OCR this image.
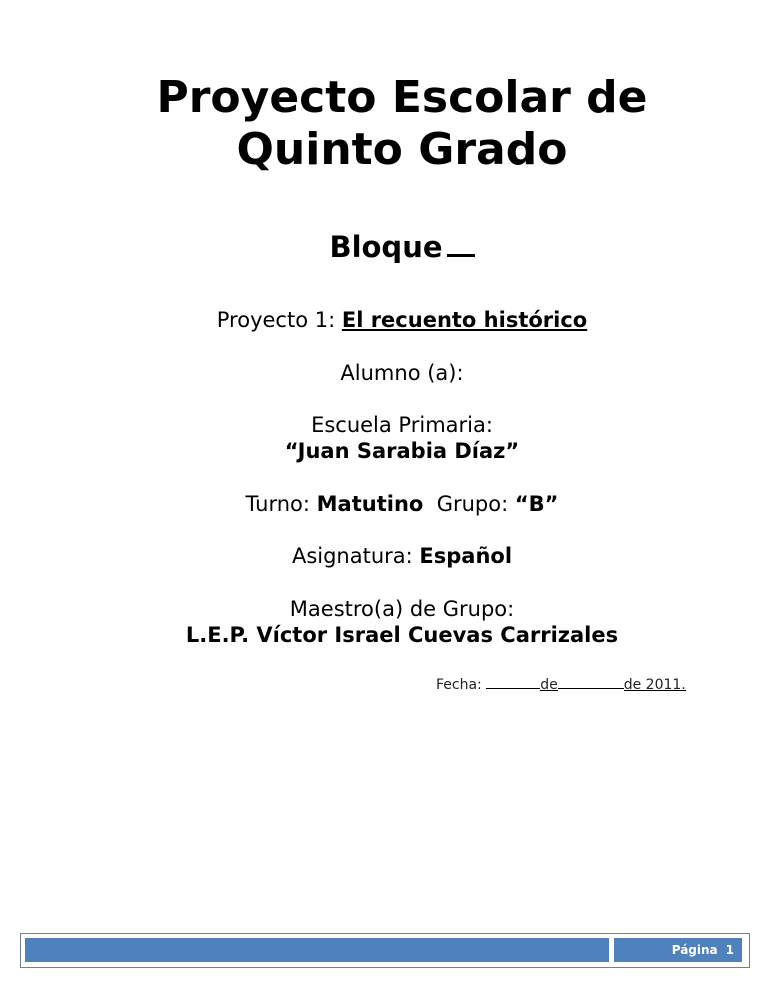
Proyecto Escolar de
Quinto Grado
Bloque
Proyecto 1: El recuento histórico
Alumno (a):
Escuela Primaria:
“Juan Sarabia Díaz”
Turno: Matutino Grupo: “B”
Asignatura: Español
Maestro(a) de Grupo:
L.E.P. Víctor Israel Cuevas Carrizales
Fecha:	de	de 2011.
Página 1
